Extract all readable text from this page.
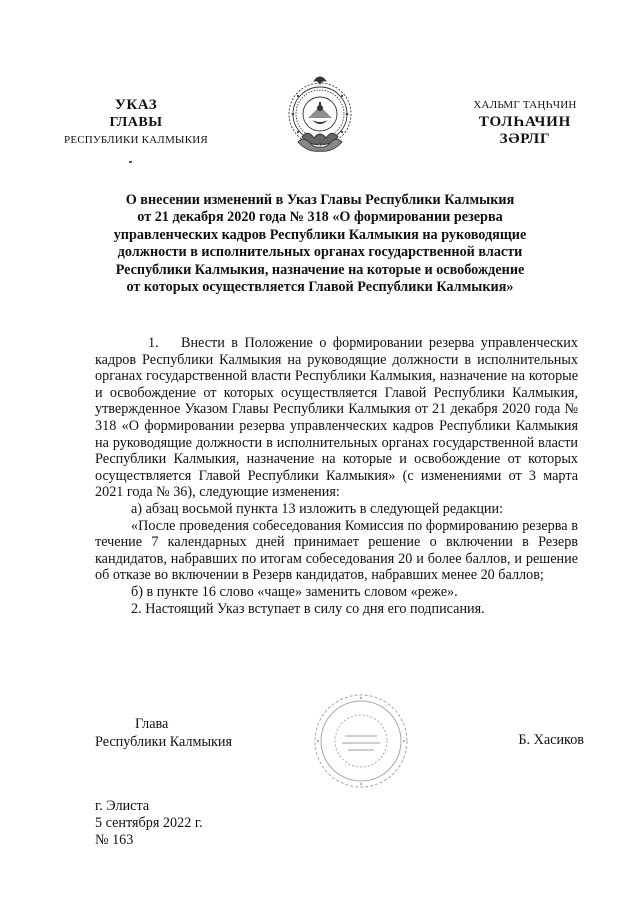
УКАЗ
ГЛАВЫ
РЕСПУБЛИКИ КАЛМЫКИЯ
ХАЛЬМГ ТАҢҺЧИН
ТОЛҺАЧИН
ЗӘРЛГ
О внесении изменений в Указ Главы Республики Калмыкия
от 21 декабря 2020 года № 318 «О формировании резерва
управленческих кадров Республики Калмыкия на руководящие
должности в исполнительных органах государственной власти
Республики Калмыкия, назначение на которые и освобождение
от которых осуществляется Главой Республики Калмыкия»

1. Внести в Положение о формировании резерва управленческих кадров Республики Калмыкия на руководящие должности в исполнительных органах государственной власти Республики Калмыкия, назначение на которые и освобождение от которых осуществляется Главой Республики Калмыкия, утвержденное Указом Главы Республики Калмыкия от 21 декабря 2020 года № 318 «О формировании резерва управленческих кадров Республики Калмыкия на руководящие должности в исполнительных органах государственной власти Республики Калмыкия, назначение на которые и освобождение от которых осуществляется Главой Республики Калмыкия» (с изменениями от 3 марта 2021 года № 36), следующие изменения:

а) абзац восьмой пункта 13 изложить в следующей редакции:

«После проведения собеседования Комиссия по формированию резерва в течение 7 календарных дней принимает решение о включении в Резерв кандидатов, набравших по итогам собеседования 20 и более баллов, и решение об отказе во включении в Резерв кандидатов, набравших менее 20 баллов;

б) в пункте 16 слово «чаще» заменить словом «реже».

2. Настоящий Указ вступает в силу со дня его подписания.

Глава
Республики Калмыкия	Б. Хасиков
г. Элиста
5 сентября 2022 г.
№ 163
